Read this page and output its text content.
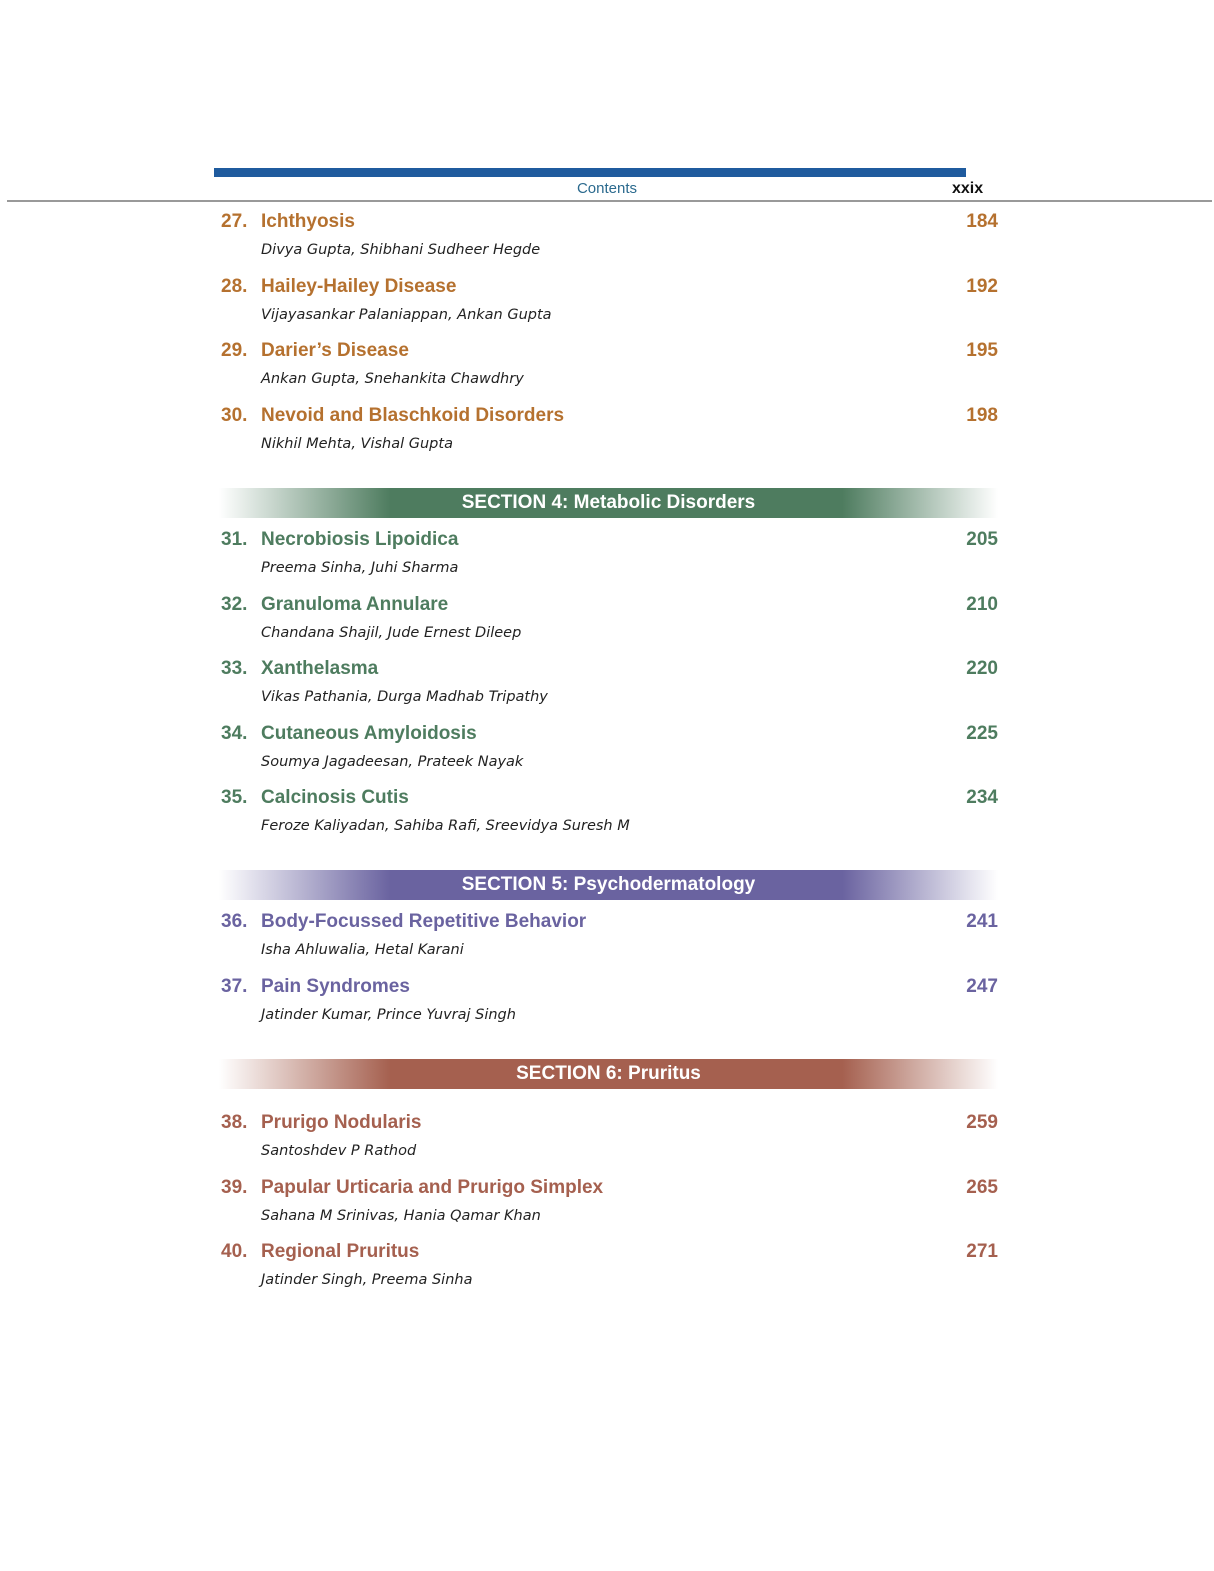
Contents	xxix
SECTION 4: Metabolic Disorders
SECTION 5: Psychodermatology
SECTION 6: Pruritus
27. Ichthyosis	184
Divya Gupta, Shibhani Sudheer Hegde
28. Hailey-Hailey Disease	192
Vijayasankar Palaniappan, Ankan Gupta
29. Darier’s Disease	195
Ankan Gupta, Snehankita Chawdhry
30. Nevoid and Blaschkoid Disorders	198
Nikhil Mehta, Vishal Gupta
31. Necrobiosis Lipoidica	205
Preema Sinha, Juhi Sharma
32. Granuloma Annulare	210
Chandana Shajil, Jude Ernest Dileep
33. Xanthelasma	220
Vikas Pathania, Durga Madhab Tripathy
34. Cutaneous Amyloidosis	225
Soumya Jagadeesan, Prateek Nayak
35. Calcinosis Cutis	234
Feroze Kaliyadan, Sahiba Rafi, Sreevidya Suresh M
36. Body-Focussed Repetitive Behavior	241
Isha Ahluwalia, Hetal Karani
37. Pain Syndromes	247
Jatinder Kumar, Prince Yuvraj Singh
38. Prurigo Nodularis	259
Santoshdev P Rathod
39. Papular Urticaria and Prurigo Simplex	265
Sahana M Srinivas, Hania Qamar Khan
40. Regional Pruritus	271
Jatinder Singh, Preema Sinha
